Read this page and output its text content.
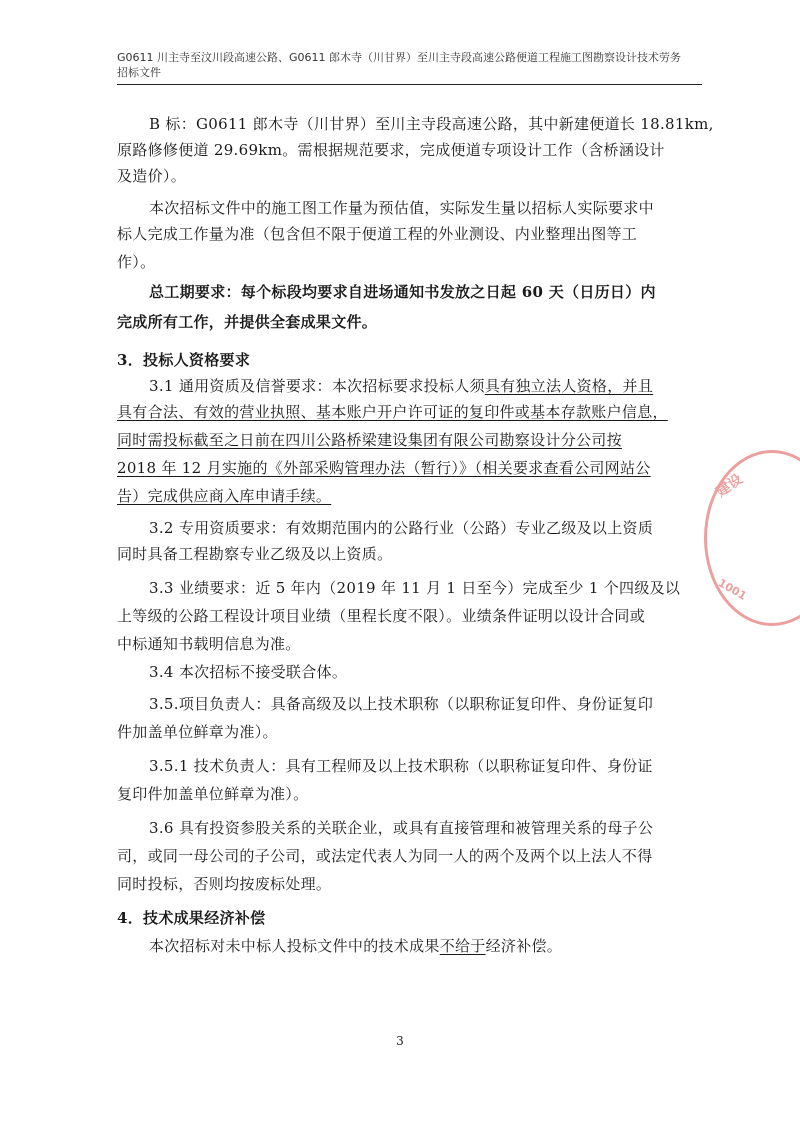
G0611 川主寺至汶川段高速公路、G0611 郎木寺（川甘界）至川主寺段高速公路便道工程施工图勘察设计技术劳务
招标文件
B 标：G0611 郎木寺（川甘界）至川主寺段高速公路，其中新建便道长 18.81km,
原路修修便道 29.69km。需根据规范要求，完成便道专项设计工作（含桥涵设计
及造价）。
本次招标文件中的施工图工作量为预估值，实际发生量以招标人实际要求中
标人完成工作量为准（包含但不限于便道工程的外业测设、内业整理出图等工
作）。
总工期要求：每个标段均要求自进场通知书发放之日起 60 天（日历日）内
完成所有工作，并提供全套成果文件。
3．投标人资格要求
3.1 通用资质及信誉要求：本次招标要求投标人须具有独立法人资格，并且
具有合法、有效的营业执照、基本账户开户许可证的复印件或基本存款账户信息，
同时需投标截至之日前在四川公路桥梁建设集团有限公司勘察设计分公司按
2018 年 12 月实施的《外部采购管理办法（暂行）》（相关要求查看公司网站公
告）完成供应商入库申请手续。
3.2 专用资质要求：有效期范围内的公路行业（公路）专业乙级及以上资质
同时具备工程勘察专业乙级及以上资质。
3.3 业绩要求：近 5 年内（2019 年 11 月 1 日至今）完成至少 1 个四级及以
上等级的公路工程设计项目业绩（里程长度不限）。业绩条件证明以设计合同或
中标通知书载明信息为准。
3.4 本次招标不接受联合体。
3.5.项目负责人：具备高级及以上技术职称（以职称证复印件、身份证复印
件加盖单位鲜章为准）。
3.5.1 技术负责人：具有工程师及以上技术职称（以职称证复印件、身份证
复印件加盖单位鲜章为准）。
3.6 具有投资参股关系的关联企业，或具有直接管理和被管理关系的母子公
司，或同一母公司的子公司，或法定代表人为同一人的两个及两个以上法人不得
同时投标，否则均按废标处理。
4．技术成果经济补偿
本次招标对未中标人投标文件中的技术成果不给于经济补偿。
3
建设
1001
